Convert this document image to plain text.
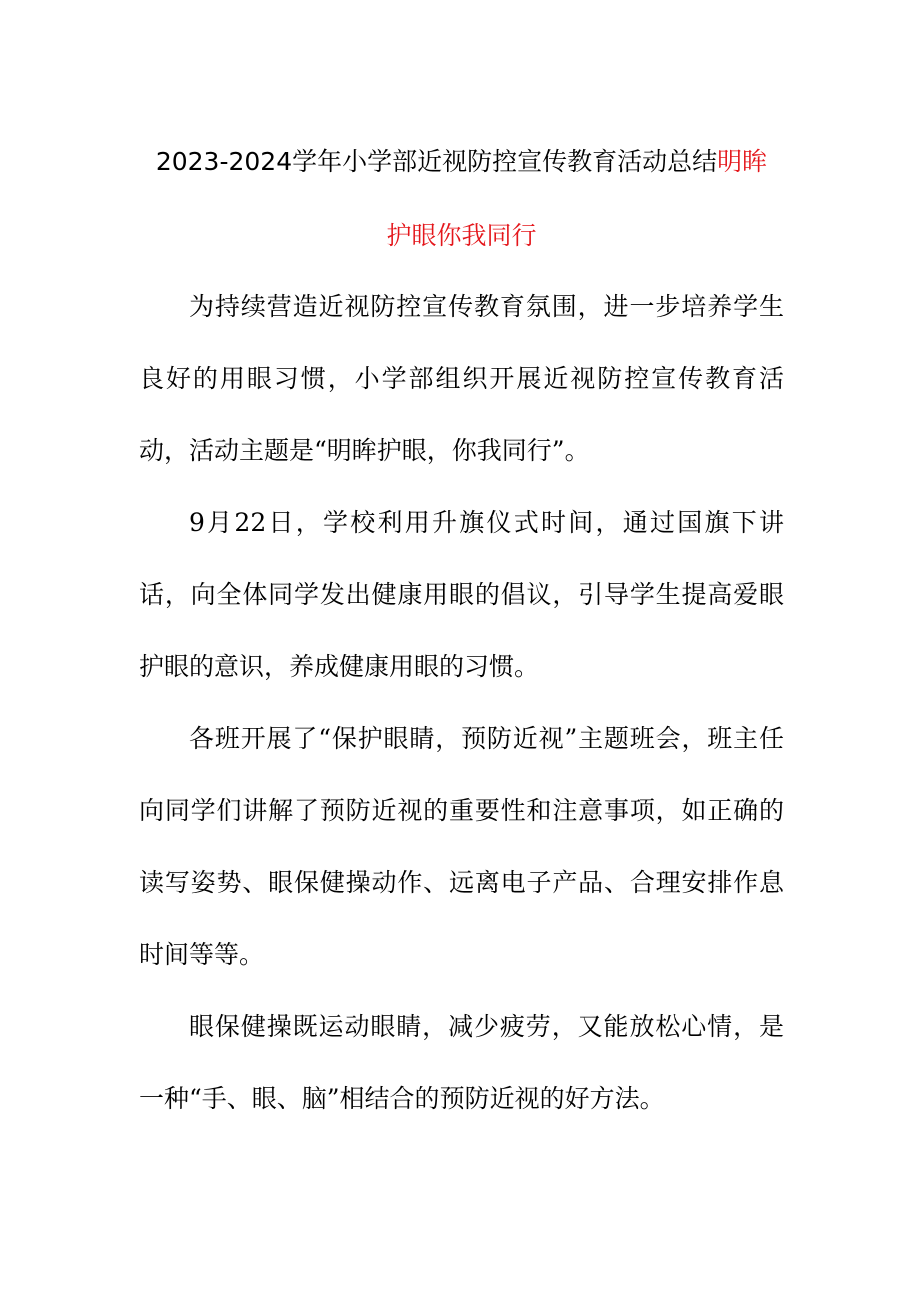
2023-2024学年小学部近视防控宣传教育活动总结明眸
护眼你我同行

为持续营造近视防控宣传教育氛围，进一步培养学生良好的用眼习惯，小学部组织开展近视防控宣传教育活动，活动主题是“明眸护眼，你我同行”。

9月22日，学校利用升旗仪式时间，通过国旗下讲话，向全体同学发出健康用眼的倡议，引导学生提高爱眼护眼的意识，养成健康用眼的习惯。

各班开展了“保护眼睛，预防近视”主题班会，班主任向同学们讲解了预防近视的重要性和注意事项，如正确的读写姿势、眼保健操动作、远离电子产品、合理安排作息时间等等。

眼保健操既运动眼睛，减少疲劳，又能放松心情，是一种“手、眼、脑”相结合的预防近视的好方法。
